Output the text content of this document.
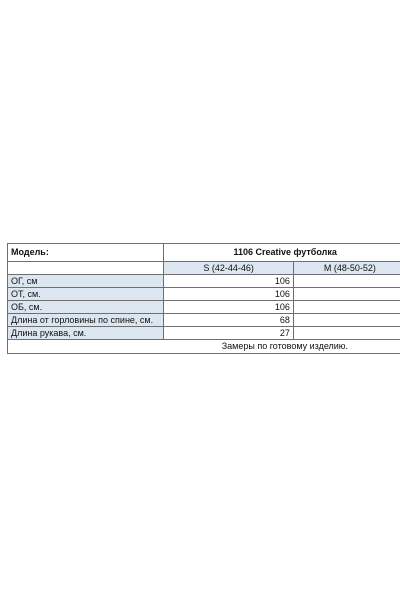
Модель:	1106 Creative футболка	
	S (42-44-46)	M (48-50-52)
ОГ, см	106	
ОТ, см.	106	
ОБ, см.	106	
Длина от горловины по спине, см.	68	
Длина рукава, см.	27	
	Замеры по готовому изделию.	
